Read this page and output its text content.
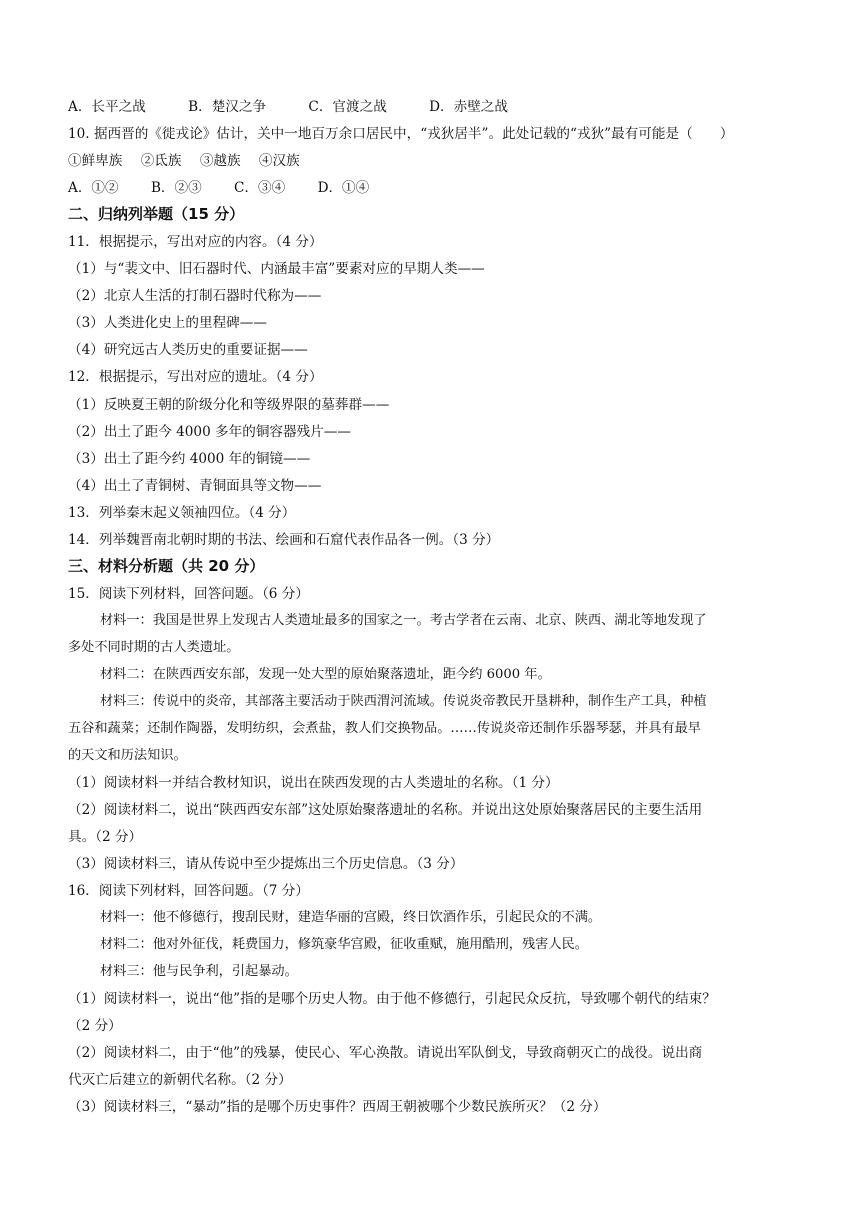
A．长平之战	B．楚汉之争	C．官渡之战	D．赤壁之战
10. 据西晋的《徙戎论》估计，关中一地百万余口居民中，“戎狄居半”。此处记载的“戎狄”最有可能是（　　）
①鲜卑族 ②氐族 ③越族 ④汉族
A．①② B．②③ C．③④ D．①④
二、归纳列举题（15 分）
11．根据提示，写出对应的内容。（4 分）
（1）与“裴文中、旧石器时代、内涵最丰富”要素对应的早期人类——
（2）北京人生活的打制石器时代称为——
（3）人类进化史上的里程碑——
（4）研究远古人类历史的重要证据——
12．根据提示，写出对应的遗址。（4 分）
（1）反映夏王朝的阶级分化和等级界限的墓葬群——
（2）出土了距今 4000 多年的铜容器残片——
（3）出土了距今约 4000 年的铜镜——
（4）出土了青铜树、青铜面具等文物——
13．列举秦末起义领袖四位。（4 分）
14．列举魏晋南北朝时期的书法、绘画和石窟代表作品各一例。（3 分）
三、材料分析题（共 20 分）
15．阅读下列材料，回答问题。（6 分）
材料一：我国是世界上发现古人类遗址最多的国家之一。考古学者在云南、北京、陕西、湖北等地发现了
多处不同时期的古人类遗址。
材料二：在陕西西安东部，发现一处大型的原始聚落遗址，距今约 6000 年。
材料三：传说中的炎帝，其部落主要活动于陕西渭河流域。传说炎帝教民开垦耕种，制作生产工具，种植
五谷和蔬菜；还制作陶器，发明纺织，会煮盐，教人们交换物品。……传说炎帝还制作乐器琴瑟，并具有最早
的天文和历法知识。
（1）阅读材料一并结合教材知识，说出在陕西发现的古人类遗址的名称。（1 分）
（2）阅读材料二，说出“陕西西安东部”这处原始聚落遗址的名称。并说出这处原始聚落居民的主要生活用
具。（2 分）
（3）阅读材料三，请从传说中至少提炼出三个历史信息。（3 分）
16．阅读下列材料，回答问题。（7 分）
材料一：他不修德行，搜刮民财，建造华丽的宫殿，终日饮酒作乐，引起民众的不满。
材料二：他对外征伐，耗费国力，修筑豪华宫殿，征收重赋，施用酷刑，残害人民。
材料三：他与民争利，引起暴动。
（1）阅读材料一，说出“他”指的是哪个历史人物。由于他不修德行，引起民众反抗，导致哪个朝代的结束？
（2 分）
（2）阅读材料二，由于“他”的残暴，使民心、军心涣散。请说出军队倒戈，导致商朝灭亡的战役。说出商
代灭亡后建立的新朝代名称。（2 分）
（3）阅读材料三，“暴动”指的是哪个历史事件？西周王朝被哪个少数民族所灭？（2 分）
